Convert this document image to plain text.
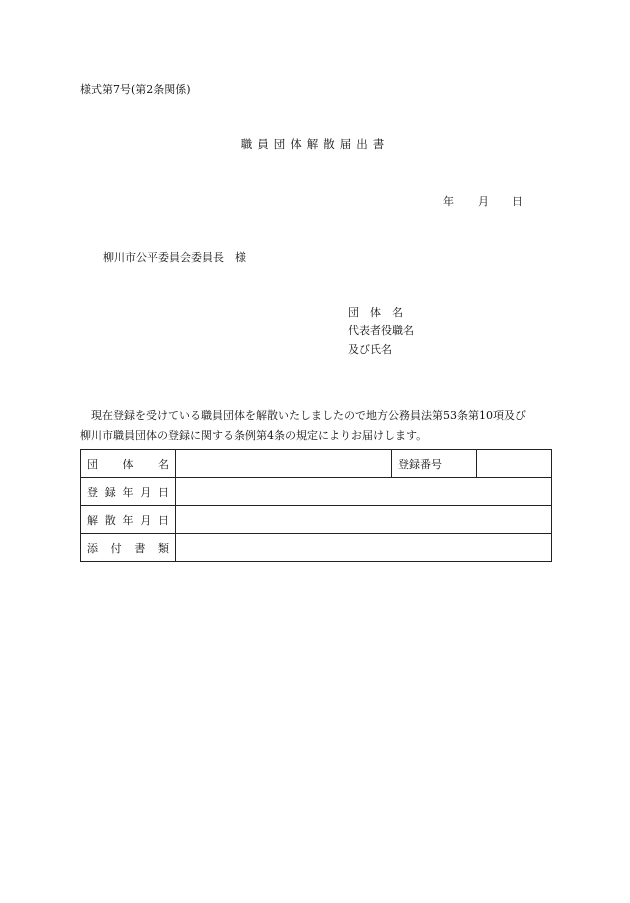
様式第7号(第2条関係)
職員団体解散届出書
年 月 日
柳川市公平委員会委員長　様
団　体　名
代表者役職名
及び氏名

現在登録を受けている職員団体を解散いたしましたので地方公務員法第53条第10項及び

柳川市職員団体の登録に関する条例第4条の規定によりお届けします。

団 体 名		登録番号	

登 録 年 月 日			

解 散 年 月 日			

添 付 書 類			
